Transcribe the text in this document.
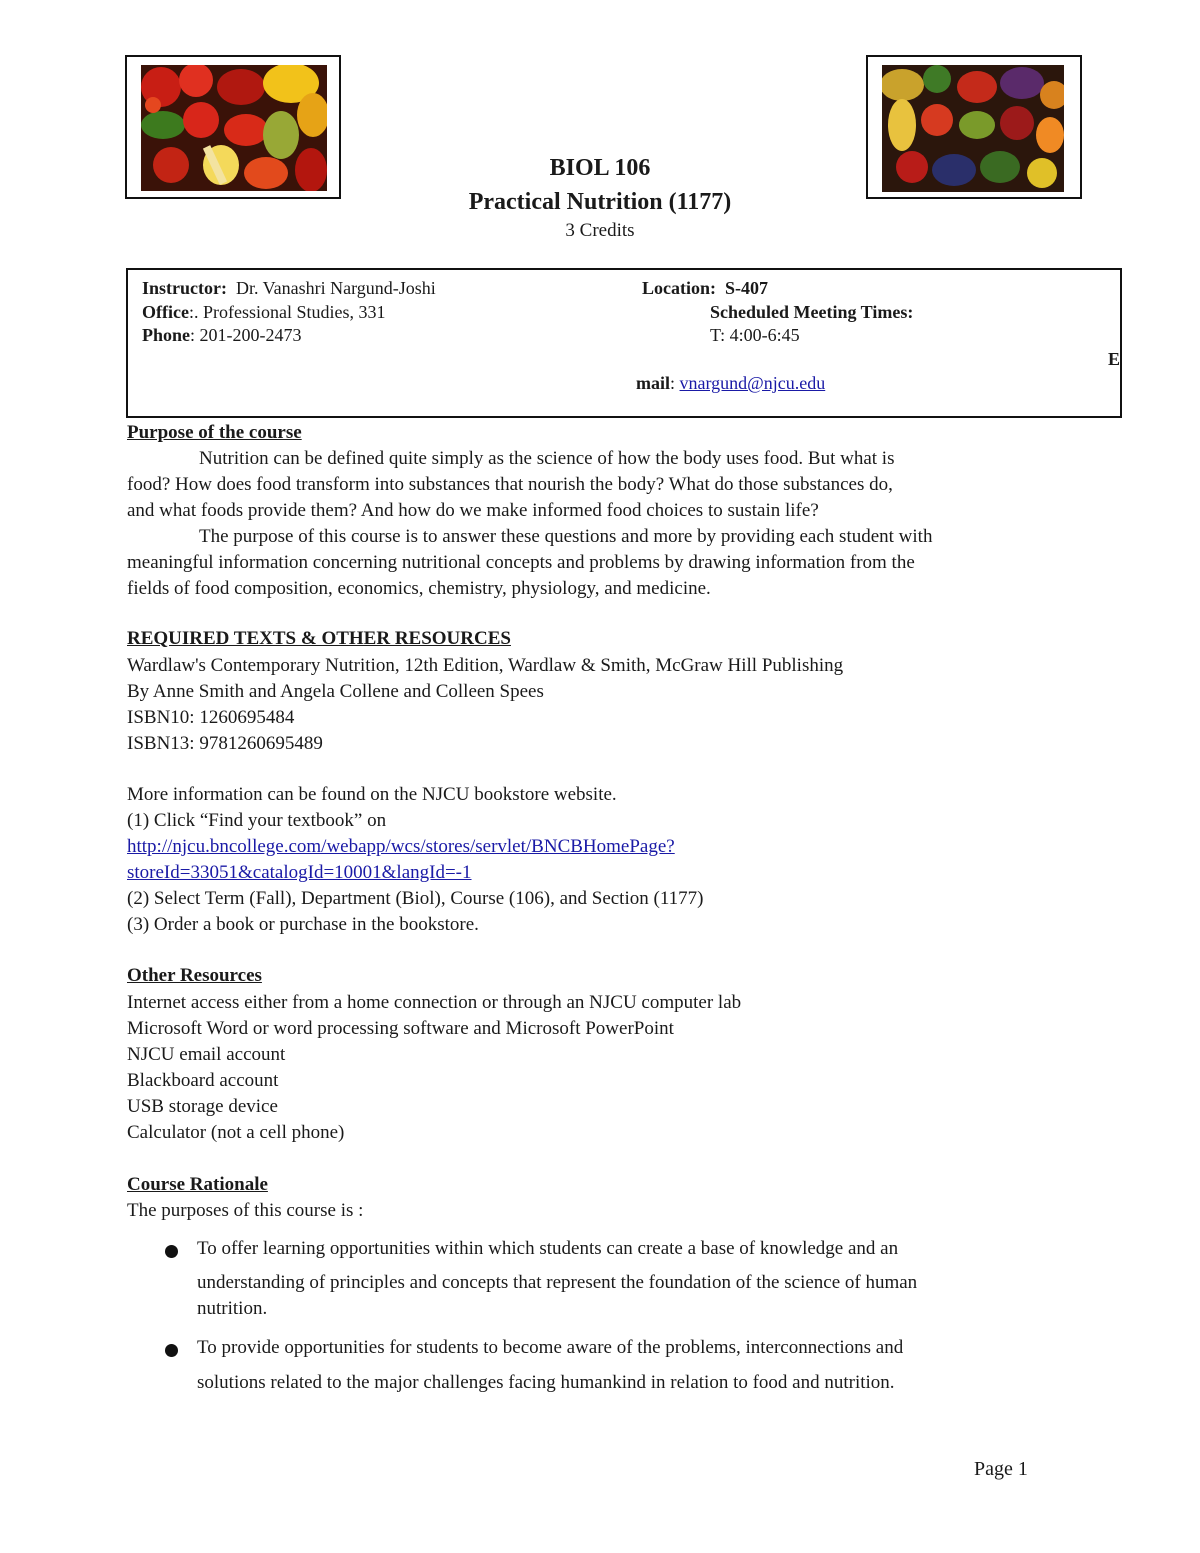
BIOL 106
Practical Nutrition (1177)
3 Credits
Instructor: Dr. Vanashri Nargund-Joshi	Location: S-407
Office:. Professional Studies, 331	Scheduled Meeting Times:
Phone: 201-200-2473	T: 4:00-6:45
E
mail: vnargund@njcu.edu
Purpose of the course
Nutrition can be defined quite simply as the science of how the body uses food. But what is
food? How does food transform into substances that nourish the body? What do those substances do,
and what foods provide them? And how do we make informed food choices to sustain life?
The purpose of this course is to answer these questions and more by providing each student with
meaningful information concerning nutritional concepts and problems by drawing information from the
fields of food composition, economics, chemistry, physiology, and medicine.
REQUIRED TEXTS & OTHER RESOURCES
Wardlaw's Contemporary Nutrition, 12th Edition, Wardlaw & Smith, McGraw Hill Publishing
By Anne Smith and Angela Collene and Colleen Spees
ISBN10: 1260695484
ISBN13: 9781260695489
More information can be found on the NJCU bookstore website.
(1) Click “Find your textbook” on
http://njcu.bncollege.com/webapp/wcs/stores/servlet/BNCBHomePage?
storeId=33051&catalogId=10001&langId=-1
(2) Select Term (Fall), Department (Biol), Course (106), and Section (1177)
(3) Order a book or purchase in the bookstore.
Other Resources
Internet access either from a home connection or through an NJCU computer lab
Microsoft Word or word processing software and Microsoft PowerPoint
NJCU email account
Blackboard account
USB storage device
Calculator (not a cell phone)
Course Rationale
The purposes of this course is :
To offer learning opportunities within which students can create a base of knowledge and an
understanding of principles and concepts that represent the foundation of the science of human
nutrition.
To provide opportunities for students to become aware of the problems, interconnections and
solutions related to the major challenges facing humankind in relation to food and nutrition.
Page 1
